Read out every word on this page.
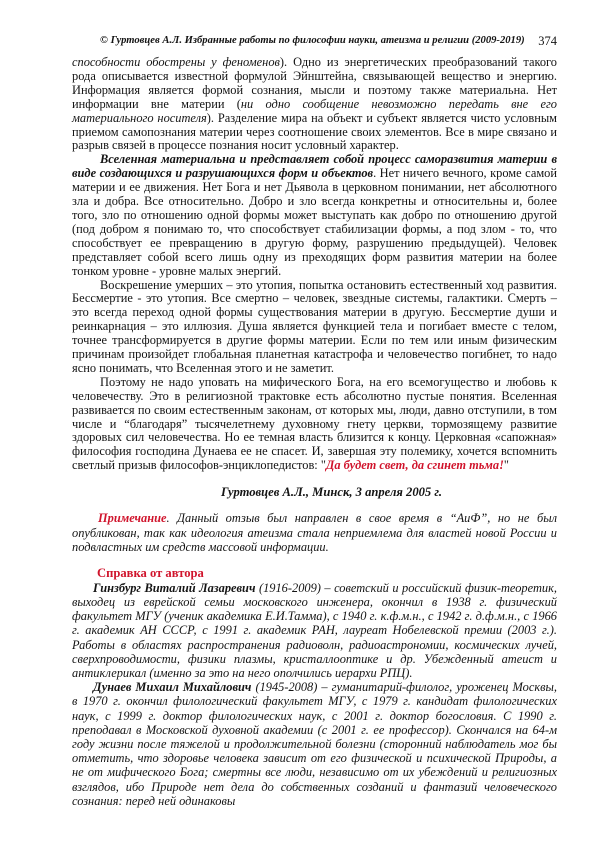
© Гуртовцев А.Л. Избранные работы по философии науки, атеизма и религии (2009-2019) 374

способности обострены у феноменов). Одно из энергетических преобразований такого рода описывается известной формулой Эйнштейна, связывающей вещество и энергию. Информация является формой сознания, мысли и поэтому также материальна. Нет информации вне материи (ни одно сообщение невозможно передать вне его материального носителя). Разделение мира на объект и субъект является чисто условным приемом самопознания материи через соотношение своих элементов. Все в мире связано и разрыв связей в процессе познания носит условный характер.

Вселенная материальна и представляет собой процесс саморазвития материи в виде создающихся и разрушающихся форм и объектов. Нет ничего вечного, кроме самой материи и ее движения. Нет Бога и нет Дьявола в церковном понимании, нет абсолютного зла и добра. Все относительно. Добро и зло всегда конкретны и относительны и, более того, зло по отношению одной формы может выступать как добро по отношению другой (под добром я понимаю то, что способствует стабилизации формы, а под злом - то, что способствует ее превращению в другую форму, разрушению предыдущей). Человек представляет собой всего лишь одну из преходящих форм развития материи на более тонком уровне - уровне малых энергий.

Воскрешение умерших – это утопия, попытка остановить естественный ход развития. Бессмертие - это утопия. Все смертно – человек, звездные системы, галактики. Смерть – это всегда переход одной формы существования материи в другую. Бессмертие души и реинкарнация – это иллюзия. Душа является функцией тела и погибает вместе с телом, точнее трансформируется в другие формы материи. Если по тем или иным физическим причинам произойдет глобальная планетная катастрофа и человечество погибнет, то надо ясно понимать, что Вселенная этого и не заметит.

Поэтому не надо уповать на мифического Бога, на его всемогущество и любовь к человечеству. Это в религиозной трактовке есть абсолютно пустые понятия. Вселенная развивается по своим естественным законам, от которых мы, люди, давно отступили, в том числе и “благодаря” тысячелетнему духовному гнету церкви, тормозящему развитие здоровых сил человечества. Но ее темная власть близится к концу. Церковная «сапожная» философия господина Дунаева ее не спасет. И, завершая эту полемику, хочется вспомнить светлый призыв философов-энциклопедистов: "Да будет свет, да сгинет тьма!"

Гуртовцев А.Л., Минск, 3 апреля 2005 г.

Примечание. Данный отзыв был направлен в свое время в “АиФ”, но не был опубликован, так как идеология атеизма стала неприемлема для властей новой России и подвластных им средств массовой информации.

Справка от автора

Гинзбург Виталий Лазаревич (1916-2009) – советский и российский физик-теоретик, выходец из еврейской семьи московского инженера, окончил в 1938 г. физический факультет МГУ (ученик академика Е.И.Тамма), с 1940 г. к.ф.м.н., с 1942 г. д.ф.м.н., с 1966 г. академик АН СССР, с 1991 г. академик РАН, лауреат Нобелевской премии (2003 г.). Работы в областях распространения радиоволн, радиоастрономии, космических лучей, сверхпроводимости, физики плазмы, кристаллооптике и др. Убежденный атеист и антиклерикал (именно за это на него ополчились иерархи РПЦ).

Дунаев Михаил Михайлович (1945-2008) – гуманитарий-филолог, уроженец Москвы, в 1970 г. окончил филологический факультет МГУ, с 1979 г. кандидат филологических наук, с 1999 г. доктор филологических наук, с 2001 г. доктор богословия. С 1990 г. преподавал в Московской духовной академии (с 2001 г. ее профессор). Скончался на 64-м году жизни после тяжелой и продолжительной болезни (сторонний наблюдатель мог бы отметить, что здоровье человека зависит от его физической и психической Природы, а не от мифического Бога; смертны все люди, независимо от их убеждений и религиозных взглядов, ибо Природе нет дела до собственных созданий и фантазий человеческого сознания: перед ней одинаковы
